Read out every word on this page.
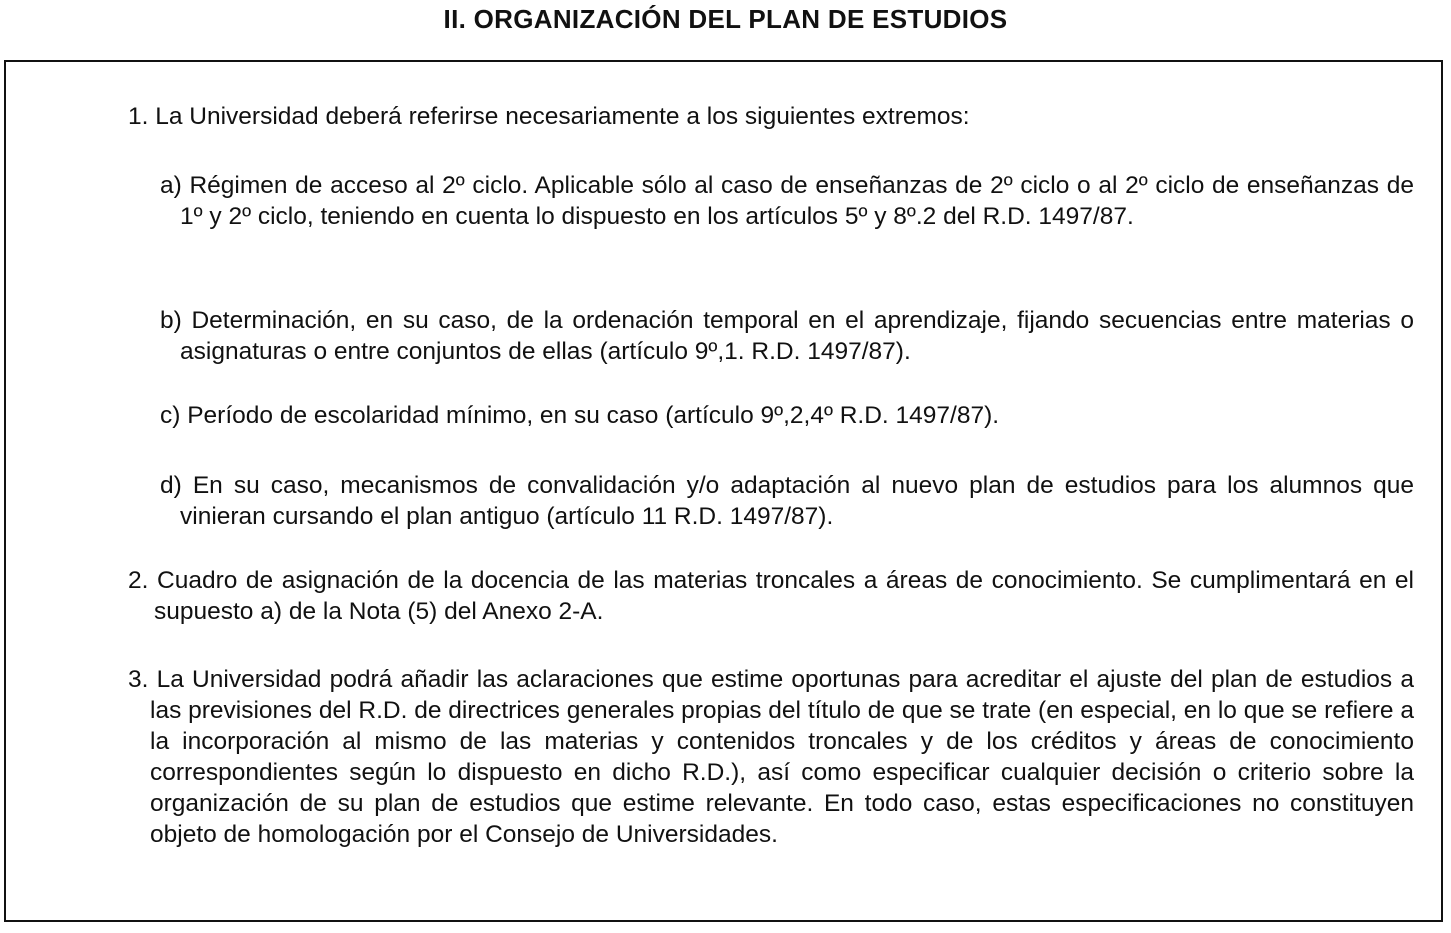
II. ORGANIZACIÓN DEL PLAN DE ESTUDIOS

1. La Universidad deberá referirse necesariamente a los siguientes extremos:

a) Régimen de acceso al 2º ciclo. Aplicable sólo al caso de enseñanzas de 2º ciclo o al 2º ciclo de enseñanzas de 1º y 2º ciclo, teniendo en cuenta lo dispuesto en los artículos 5º y 8º.2 del R.D. 1497/87.

b) Determinación, en su caso, de la ordenación temporal en el aprendizaje, fijando secuencias entre materias o asignaturas o entre conjuntos de ellas (artículo 9º,1. R.D. 1497/87).

c) Período de escolaridad mínimo, en su caso (artículo 9º,2,4º R.D. 1497/87).

d) En su caso, mecanismos de convalidación y/o adaptación al nuevo plan de estudios para los alumnos que vinieran cursando el plan antiguo (artículo 11 R.D. 1497/87).

2. Cuadro de asignación de la docencia de las materias troncales a áreas de conocimiento. Se cumplimentará en el supuesto a) de la Nota (5) del Anexo 2-A.

3. La Universidad podrá añadir las aclaraciones que estime oportunas para acreditar el ajuste del plan de estudios a las previsiones del R.D. de directrices generales propias del título de que se trate (en especial, en lo que se refiere a la incorporación al mismo de las materias y contenidos troncales y de los créditos y áreas de conocimiento correspondientes según lo dispuesto en dicho R.D.), así como especificar cualquier decisión o criterio sobre la organización de su plan de estudios que estime relevante. En todo caso, estas especificaciones no constituyen objeto de homologación por el Consejo de Universidades.
